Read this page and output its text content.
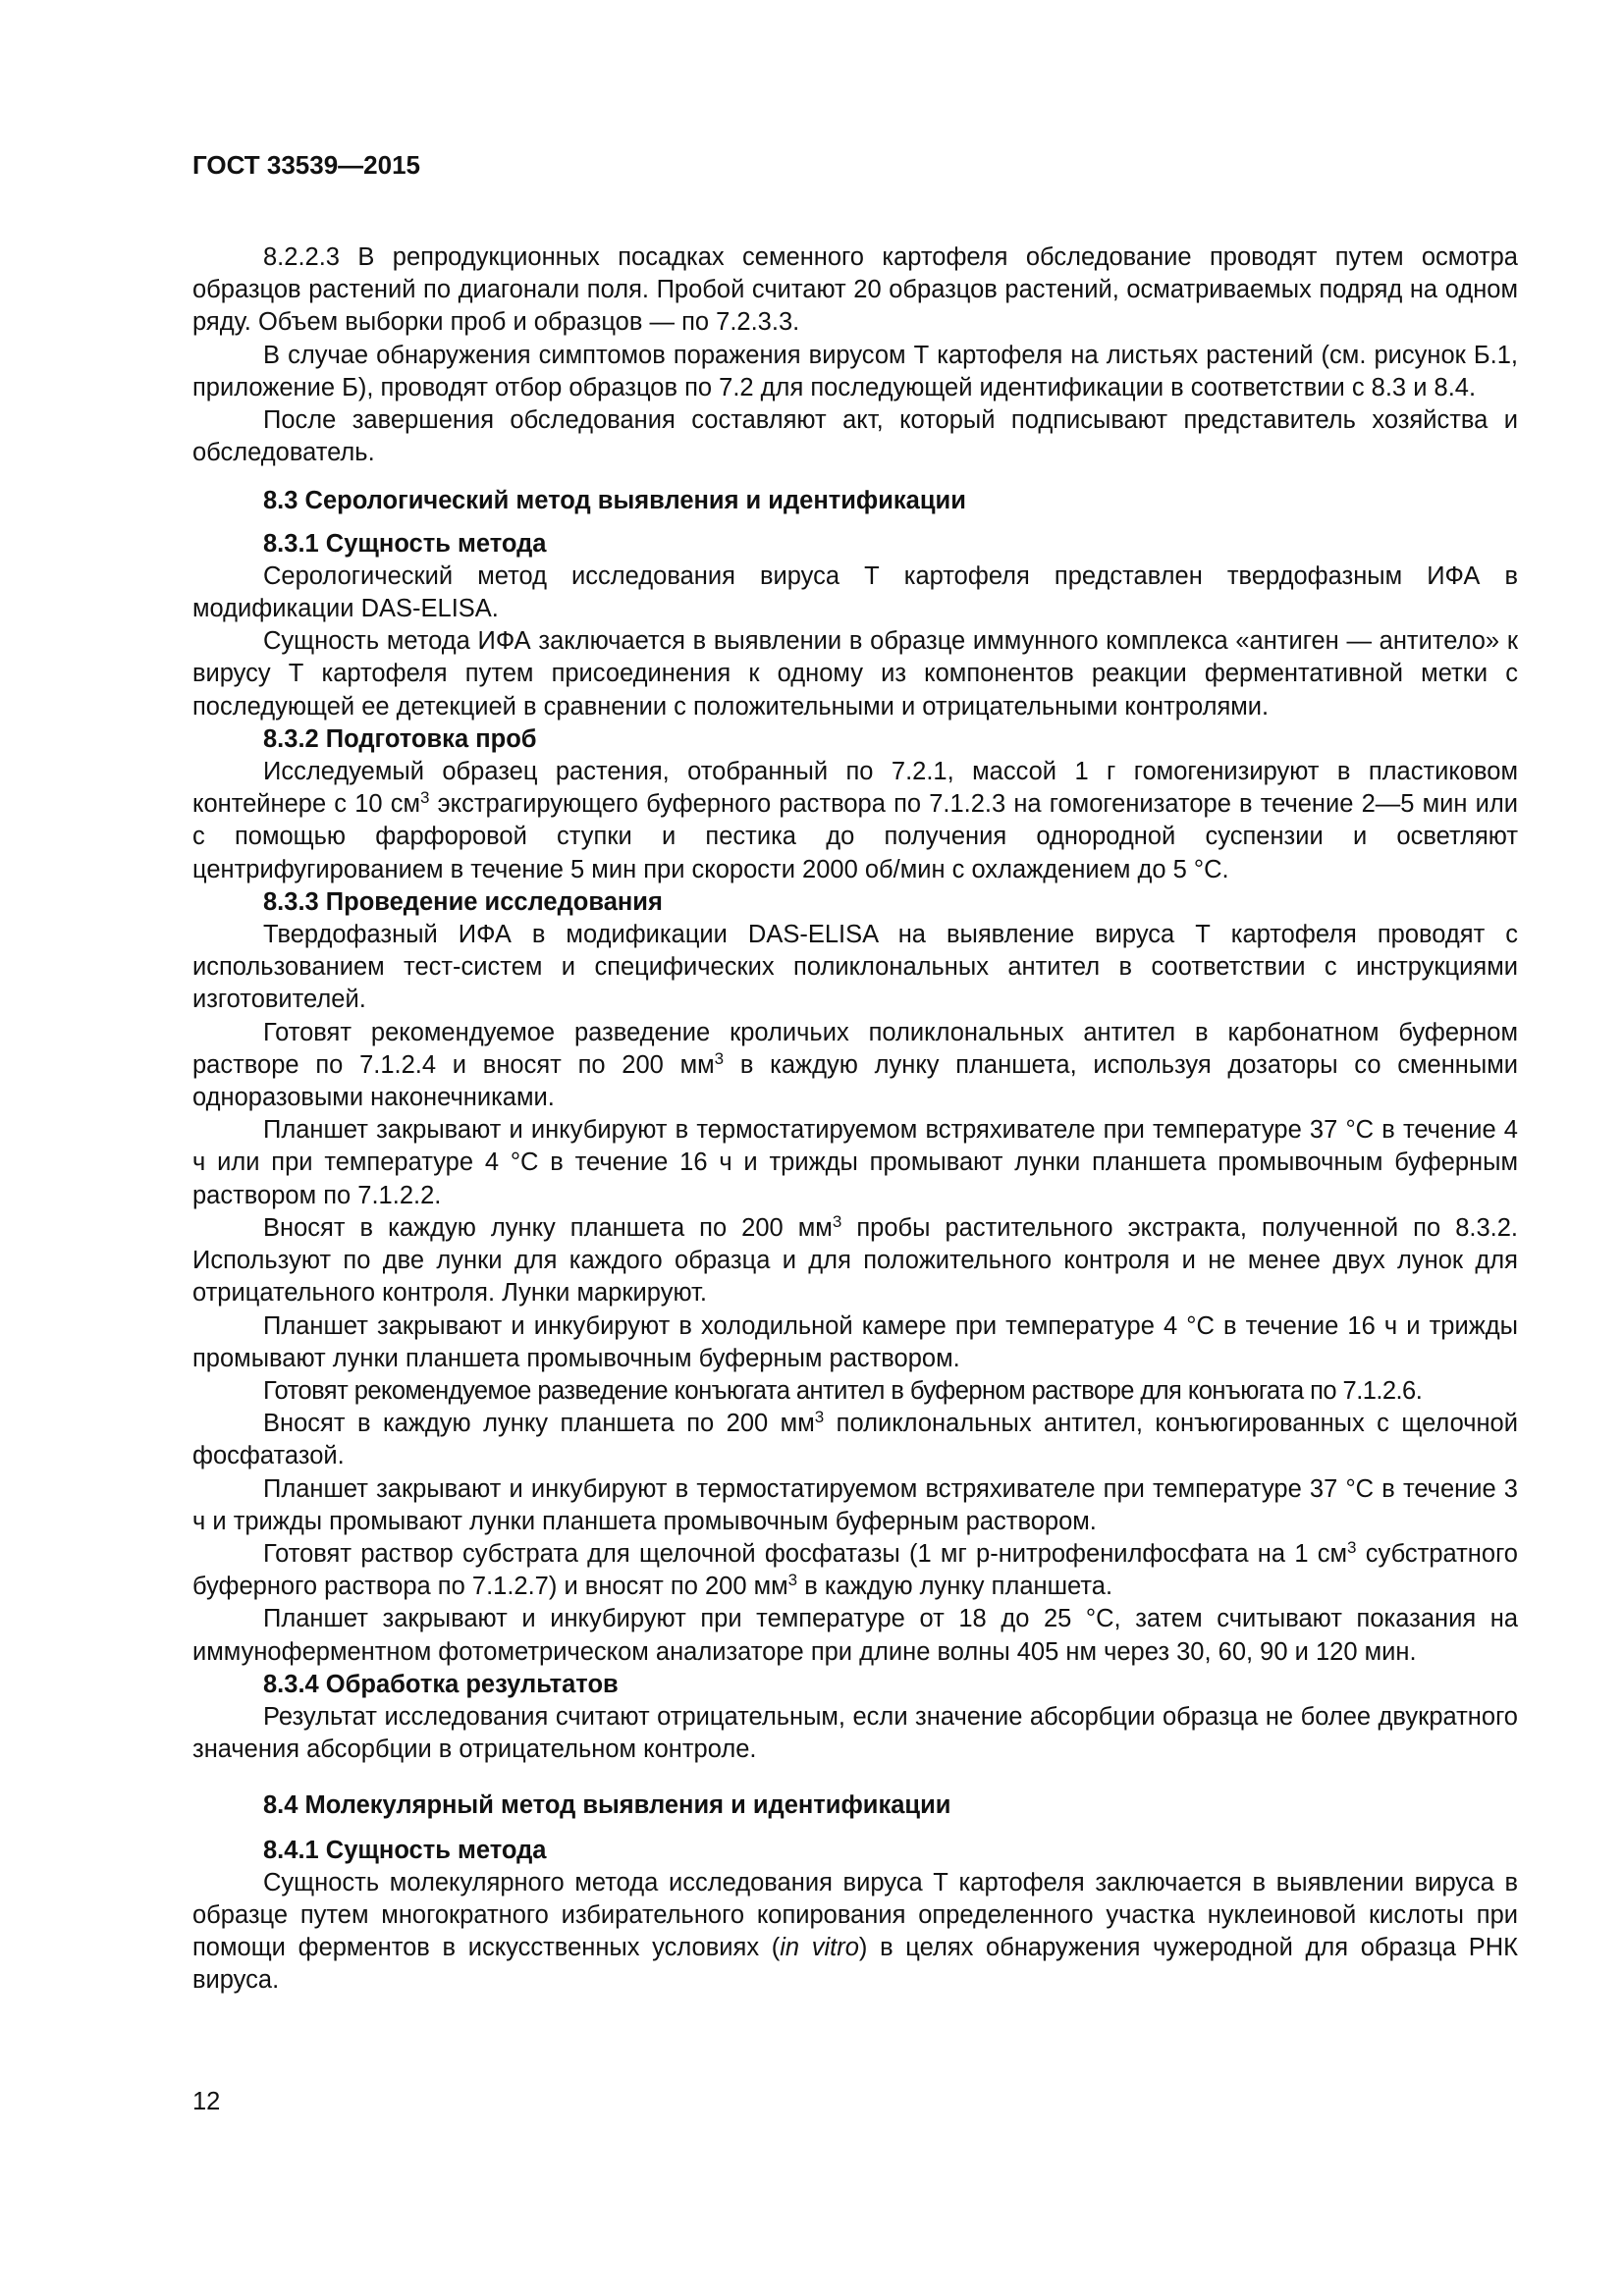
ГОСТ 33539—2015

8.2.2.3 В репродукционных посадках семенного картофеля обследование проводят путем осмотра образцов растений по диагонали поля. Пробой считают 20 образцов растений, осматриваемых подряд на одном ряду. Объем выборки проб и образцов — по 7.2.3.3.

В случае обнаружения симптомов поражения вирусом Т картофеля на листьях растений (см. рисунок Б.1, приложение Б), проводят отбор образцов по 7.2 для последующей идентификации в соответствии с 8.3 и 8.4.

После завершения обследования составляют акт, который подписывают представитель хозяйства и обследователь.

8.3 Серологический метод выявления и идентификации
8.3.1 Сущность метода

Серологический метод исследования вируса Т картофеля представлен твердофазным ИФА в модификации DAS-ELISA.

Сущность метода ИФА заключается в выявлении в образце иммунного комплекса «антиген — антитело» к вирусу Т картофеля путем присоединения к одному из компонентов реакции ферментативной метки с последующей ее детекцией в сравнении с положительными и отрицательными контролями.

8.3.2 Подготовка проб

Исследуемый образец растения, отобранный по 7.2.1, массой 1 г гомогенизируют в пластиковом контейнере с 10 $см^3$ экстрагирующего буферного раствора по 7.1.2.3 на гомогенизаторе в течение 2—5 мин или с помощью фарфоровой ступки и пестика до получения однородной суспензии и осветляют центрифугированием в течение 5 мин при скорости 2000 об/мин с охлаждением до 5 °С.

8.3.3 Проведение исследования

Твердофазный ИФА в модификации DAS-ELISA на выявление вируса Т картофеля проводят с использованием тест-систем и специфических поликлональных антител в соответствии с инструкциями изготовителей.

Готовят рекомендуемое разведение кроличьих поликлональных антител в карбонатном буферном растворе по 7.1.2.4 и вносят по 200 $мм^3$ в каждую лунку планшета, используя дозаторы со сменными одноразовыми наконечниками.

Планшет закрывают и инкубируют в термостатируемом встряхивателе при температуре 37 °С в течение 4 ч или при температуре 4 °С в течение 16 ч и трижды промывают лунки планшета промывочным буферным раствором по 7.1.2.2.

Вносят в каждую лунку планшета по 200 $мм^3$ пробы растительного экстракта, полученной по 8.3.2. Используют по две лунки для каждого образца и для положительного контроля и не менее двух лунок для отрицательного контроля. Лунки маркируют.

Планшет закрывают и инкубируют в холодильной камере при температуре 4 °С в течение 16 ч и трижды промывают лунки планшета промывочным буферным раствором.

Готовят рекомендуемое разведение конъюгата антител в буферном растворе для конъюгата по 7.1.2.6.

Вносят в каждую лунку планшета по 200 $мм^3$ поликлональных антител, конъюгированных с щелочной фосфатазой.

Планшет закрывают и инкубируют в термостатируемом встряхивателе при температуре 37 °С в течение 3 ч и трижды промывают лунки планшета промывочным буферным раствором.

Готовят раствор субстрата для щелочной фосфатазы (1 мг р-нитрофенилфосфата на 1 $см^3$ субстратного буферного раствора по 7.1.2.7) и вносят по 200 $мм^3$ в каждую лунку планшета.

Планшет закрывают и инкубируют при температуре от 18 до 25 °С, затем считывают показания на иммуноферментном фотометрическом анализаторе при длине волны 405 нм через 30, 60, 90 и 120 мин.

8.3.4 Обработка результатов

Результат исследования считают отрицательным, если значение абсорбции образца не более двукратного значения абсорбции в отрицательном контроле.

8.4 Молекулярный метод выявления и идентификации
8.4.1 Сущность метода

Сущность молекулярного метода исследования вируса Т картофеля заключается в выявлении вируса в образце путем многократного избирательного копирования определенного участка нуклеиновой кислоты при помощи ферментов в искусственных условиях (in vitro) в целях обнаружения чужеродной для образца РНК вируса.

12
